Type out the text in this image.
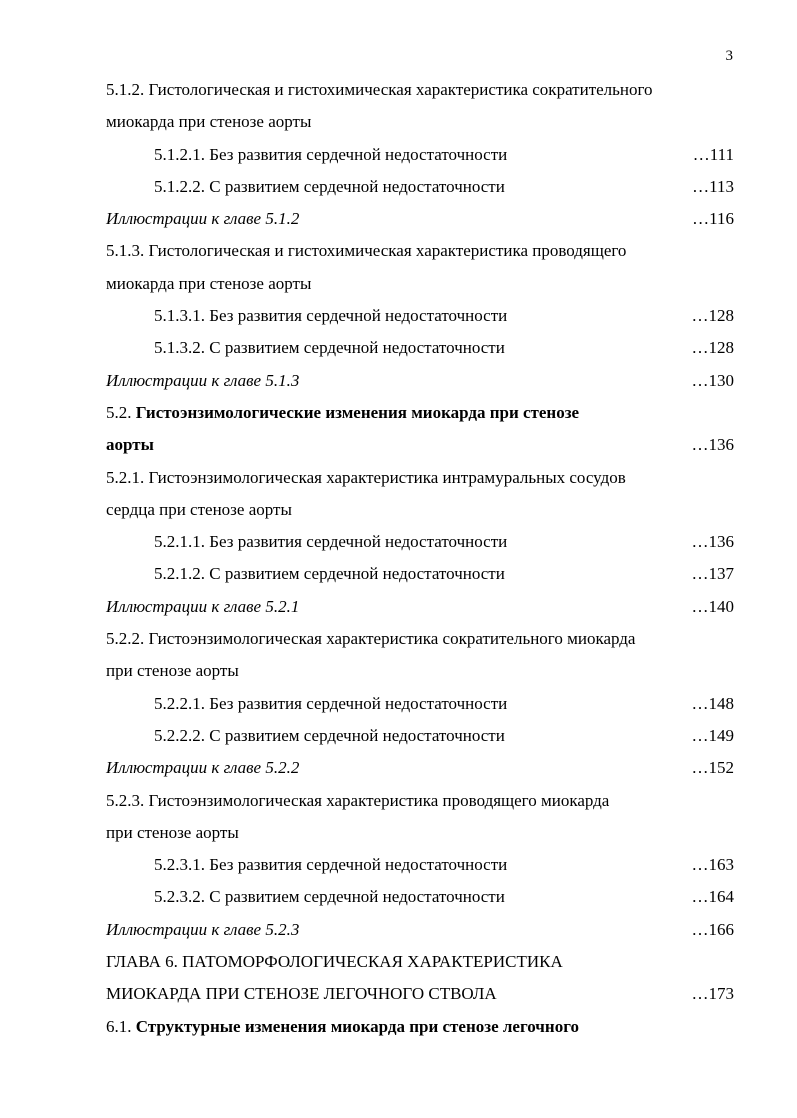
3
5.1.2. Гистологическая и гистохимическая характеристика сократительного
миокарда при стенозе аорты
5.1.2.1. Без развития сердечной недостаточности	…111
5.1.2.2. С развитием сердечной недостаточности	…113
Иллюстрации к главе 5.1.2	…116
5.1.3. Гистологическая и гистохимическая характеристика проводящего
миокарда при стенозе аорты
5.1.3.1. Без развития сердечной недостаточности	…128
5.1.3.2. С развитием сердечной недостаточности	…128
Иллюстрации к главе 5.1.3	…130
5.2. Гистоэнзимологические изменения миокарда при стенозе
аорты	…136
5.2.1. Гистоэнзимологическая характеристика интрамуральных сосудов
сердца при стенозе аорты
5.2.1.1. Без развития сердечной недостаточности	…136
5.2.1.2. С развитием сердечной недостаточности	…137
Иллюстрации к главе 5.2.1	…140
5.2.2. Гистоэнзимологическая характеристика сократительного миокарда
при стенозе аорты
5.2.2.1. Без развития сердечной недостаточности	…148
5.2.2.2. С развитием сердечной недостаточности	…149
Иллюстрации к главе 5.2.2	…152
5.2.3. Гистоэнзимологическая характеристика проводящего миокарда
при стенозе аорты
5.2.3.1. Без развития сердечной недостаточности	…163
5.2.3.2. С развитием сердечной недостаточности	…164
Иллюстрации к главе 5.2.3	…166
ГЛАВА 6. ПАТОМОРФОЛОГИЧЕСКАЯ ХАРАКТЕРИСТИКА
МИОКАРДА ПРИ СТЕНОЗЕ ЛЕГОЧНОГО СТВОЛА	…173
6.1. Структурные изменения миокарда при стенозе легочного
